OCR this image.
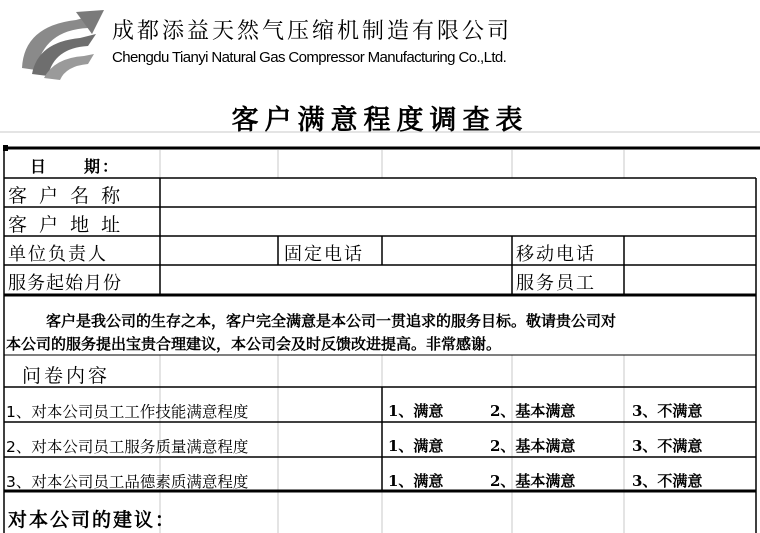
成都添益天然气压缩机制造有限公司
Chengdu Tianyi Natural Gas Compressor Manufacturing Co.,Ltd.
客户满意程度调查表
日　　期：
客 户 名 称
客 户 地 址
单位负责人	固定电话	移动电话
服务起始月份	服务员工
客户是我公司的生存之本，客户完全满意是本公司一贯追求的服务目标。敬请贵公司对
本公司的服务提出宝贵合理建议，本公司会及时反馈改进提高。非常感谢。
问卷内容
1、对本公司员工工作技能满意程度	1、满意	2、基本满意	3、不满意
2、对本公司员工服务质量满意程度	1、满意	2、基本满意	3、不满意
3、对本公司员工品德素质满意程度	1、满意	2、基本满意	3、不满意
对本公司的建议：
